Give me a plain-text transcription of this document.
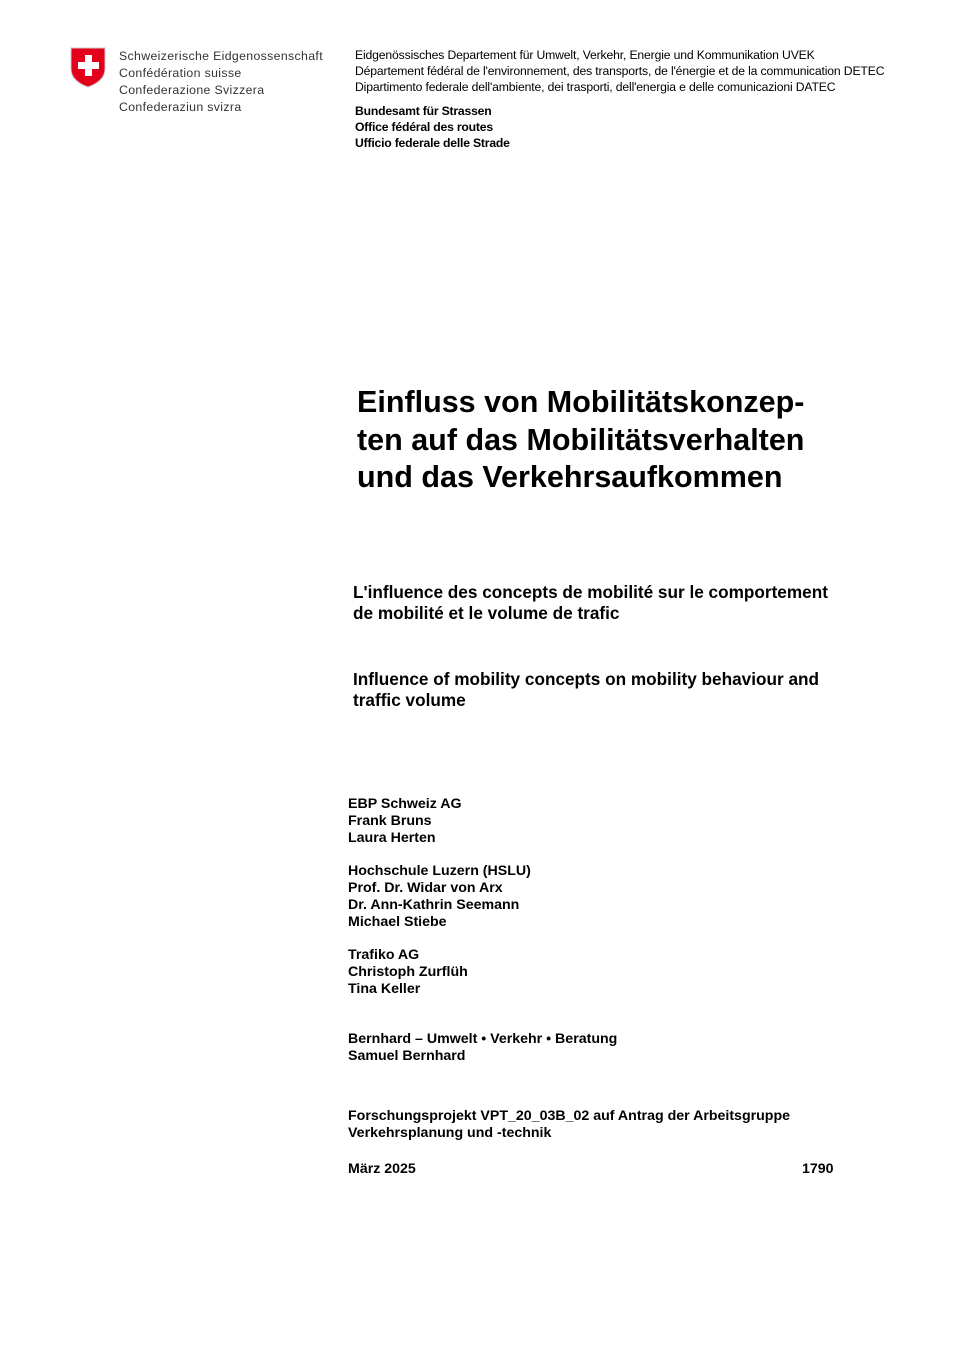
Schweizerische Eidgenossenschaft
Confédération suisse
Confederazione Svizzera
Confederaziun svizra
Eidgenössisches Departement für Umwelt, Verkehr, Energie und Kommunikation UVEK
Département fédéral de l'environnement, des transports, de l'énergie et de la communication DETEC
Dipartimento federale dell'ambiente, dei trasporti, dell'energia e delle comunicazioni DATEC
Bundesamt für Strassen
Office fédéral des routes
Ufficio federale delle Strade
Einfluss von Mobilitätskonzep-
ten auf das Mobilitätsverhalten
und das Verkehrsaufkommen
L'influence des concepts de mobilité sur le comportement
de mobilité et le volume de trafic
Influence of mobility concepts on mobility behaviour and
traffic volume
EBP Schweiz AG
Frank Bruns
Laura Herten
Hochschule Luzern (HSLU)
Prof. Dr. Widar von Arx
Dr. Ann-Kathrin Seemann
Michael Stiebe
Trafiko AG
Christoph Zurflüh
Tina Keller
Bernhard – Umwelt • Verkehr • Beratung
Samuel Bernhard
Forschungsprojekt VPT_20_03B_02 auf Antrag der Arbeitsgruppe
Verkehrsplanung und -technik
März 2025	1790
